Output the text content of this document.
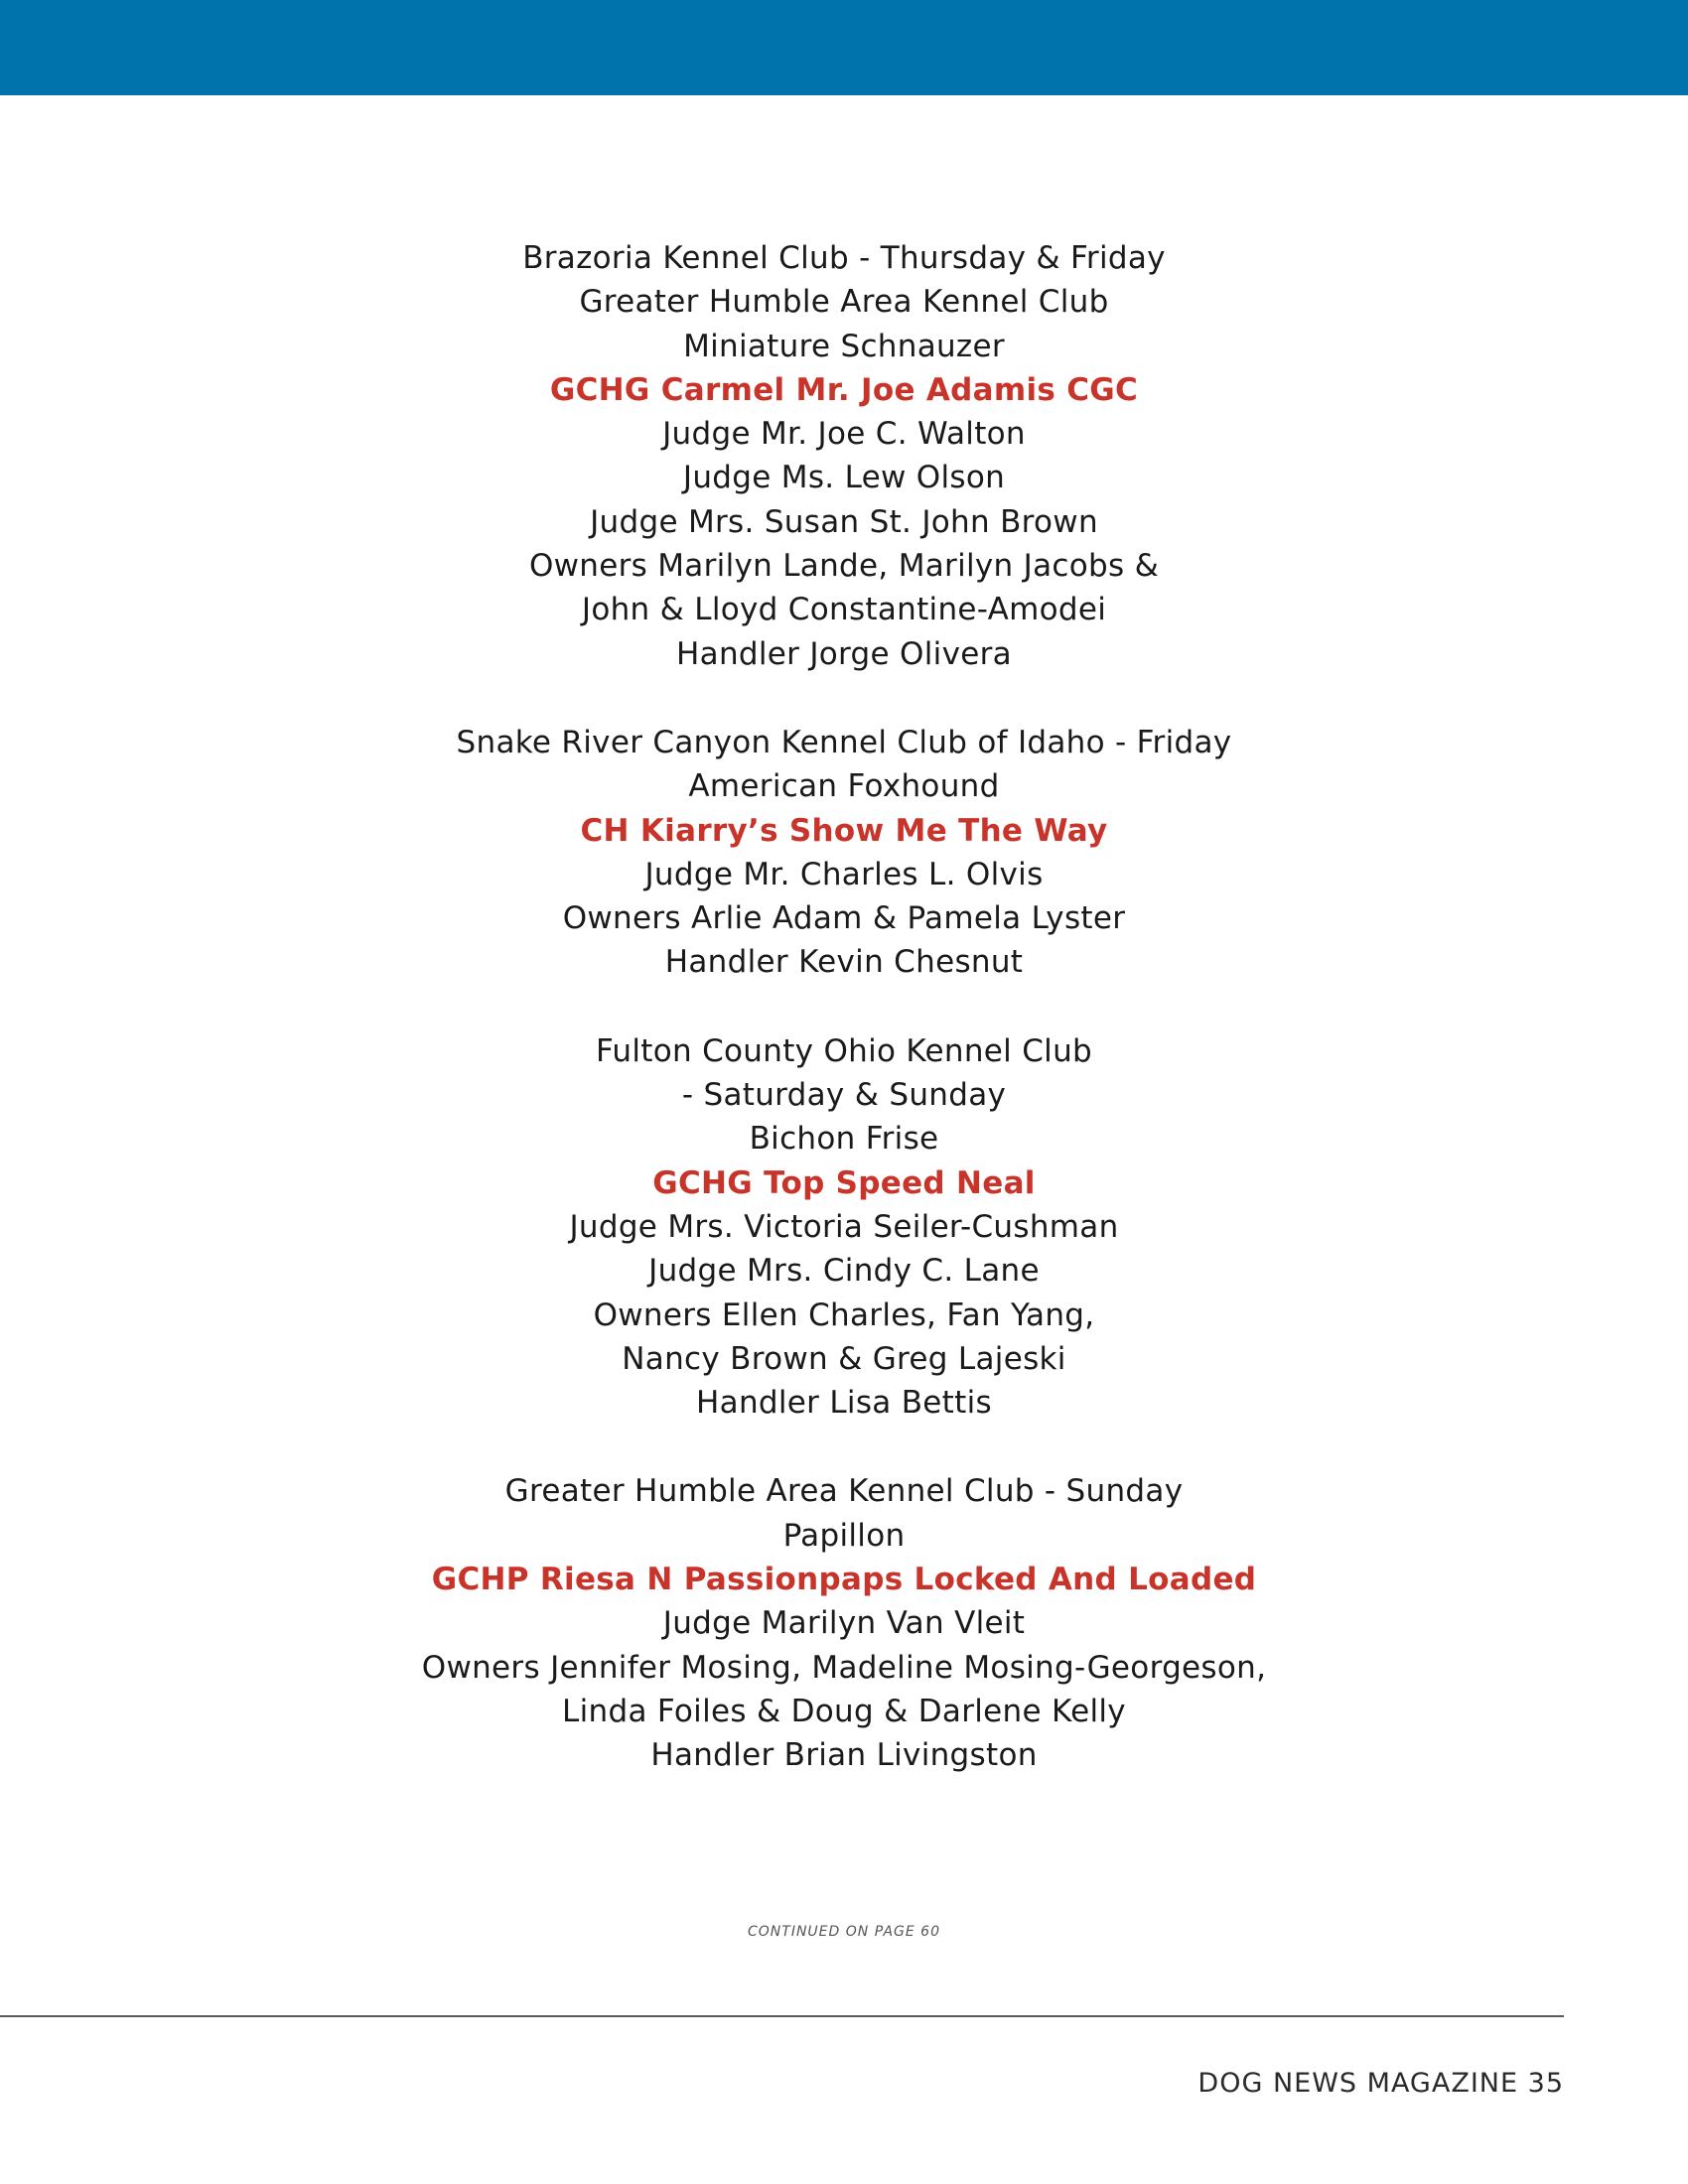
Brazoria Kennel Club - Thursday & Friday
Greater Humble Area Kennel Club
Miniature Schnauzer
GCHG Carmel Mr. Joe Adamis CGC
Judge Mr. Joe C. Walton
Judge Ms. Lew Olson
Judge Mrs. Susan St. John Brown
Owners Marilyn Lande, Marilyn Jacobs &
John & Lloyd Constantine-Amodei
Handler Jorge Olivera
Snake River Canyon Kennel Club of Idaho - Friday
American Foxhound
CH Kiarry’s Show Me The Way
Judge Mr. Charles L. Olvis
Owners Arlie Adam & Pamela Lyster
Handler Kevin Chesnut
Fulton County Ohio Kennel Club
- Saturday & Sunday
Bichon Frise
GCHG Top Speed Neal
Judge Mrs. Victoria Seiler-Cushman
Judge Mrs. Cindy C. Lane
Owners Ellen Charles, Fan Yang,
Nancy Brown & Greg Lajeski
Handler Lisa Bettis
Greater Humble Area Kennel Club - Sunday
Papillon
GCHP Riesa N Passionpaps Locked And Loaded
Judge Marilyn Van Vleit
Owners Jennifer Mosing, Madeline Mosing-Georgeson,
Linda Foiles & Doug & Darlene Kelly
Handler Brian Livingston
CONTINUED ON PAGE 60
DOG NEWS MAGAZINE 35
